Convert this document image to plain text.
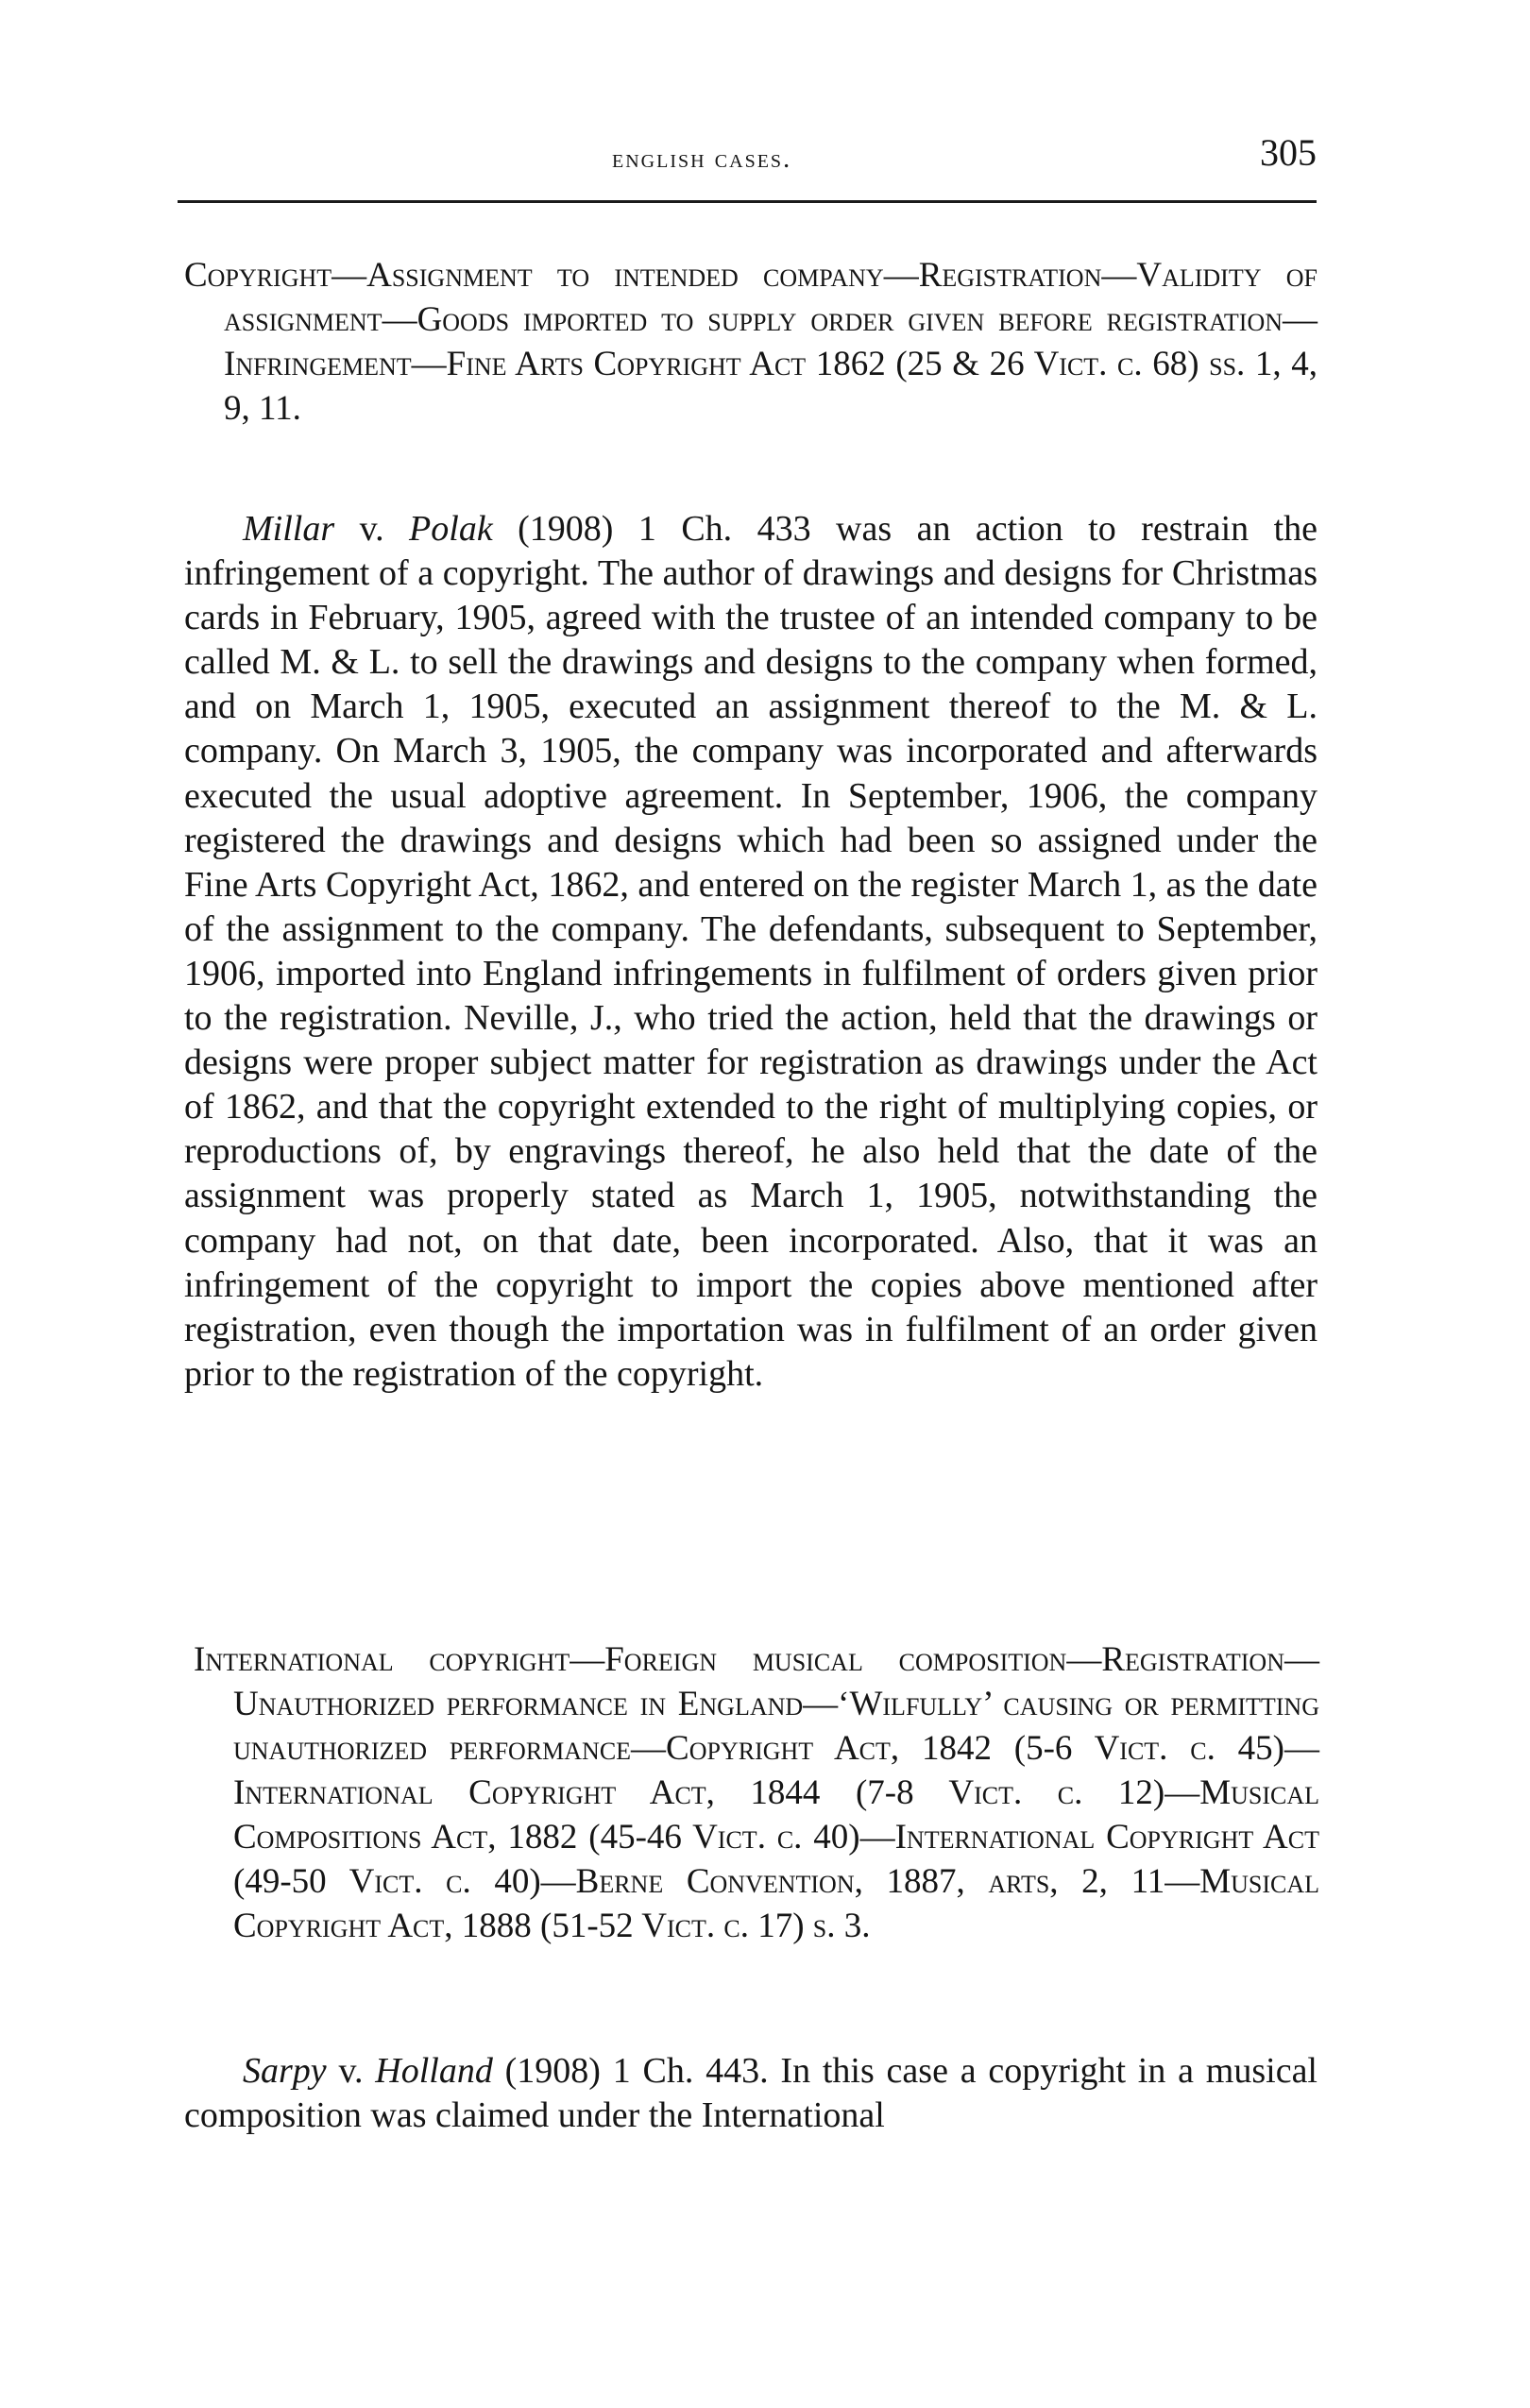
english cases.	305
Copyright—Assignment to intended company—Registration—Validity of assignment—Goods imported to supply order given before registration—Infringement—Fine Arts Copyright Act 1862 (25 & 26 Vict. c. 68) ss. 1, 4, 9, 11.

Millar v. Polak (1908) 1 Ch. 433 was an action to restrain the infringement of a copyright. The author of drawings and designs for Christmas cards in February, 1905, agreed with the trustee of an intended company to be called M. & L. to sell the drawings and designs to the company when formed, and on March 1, 1905, executed an assignment thereof to the M. & L. company. On March 3, 1905, the company was incorporated and afterwards executed the usual adoptive agreement. In September, 1906, the company registered the drawings and designs which had been so assigned under the Fine Arts Copyright Act, 1862, and entered on the register March 1, as the date of the assignment to the company. The defendants, subsequent to September, 1906, imported into England infringements in fulfilment of orders given prior to the registration. Neville, J., who tried the action, held that the drawings or designs were proper subject matter for registration as drawings under the Act of 1862, and that the copyright extended to the right of multiplying copies, or reproductions of, by engravings thereof, he also held that the date of the assignment was properly stated as March 1, 1905, notwithstanding the company had not, on that date, been incorporated. Also, that it was an infringement of the copyright to import the copies above mentioned after registration, even though the importation was in fulfilment of an order given prior to the registration of the copyright.

International copyright—Foreign musical composition—Registration—Unauthorized performance in England—‘Wilfully’ causing or permitting unauthorized performance—Copyright Act, 1842 (5-6 Vict. c. 45)—International Copyright Act, 1844 (7-8 Vict. c. 12)—Musical Compositions Act, 1882 (45-46 Vict. c. 40)—International Copyright Act (49-50 Vict. c. 40)—Berne Convention, 1887, arts, 2, 11—Musical Copyright Act, 1888 (51-52 Vict. c. 17) s. 3.

Sarpy v. Holland (1908) 1 Ch. 443. In this case a copyright in a musical composition was claimed under the International
